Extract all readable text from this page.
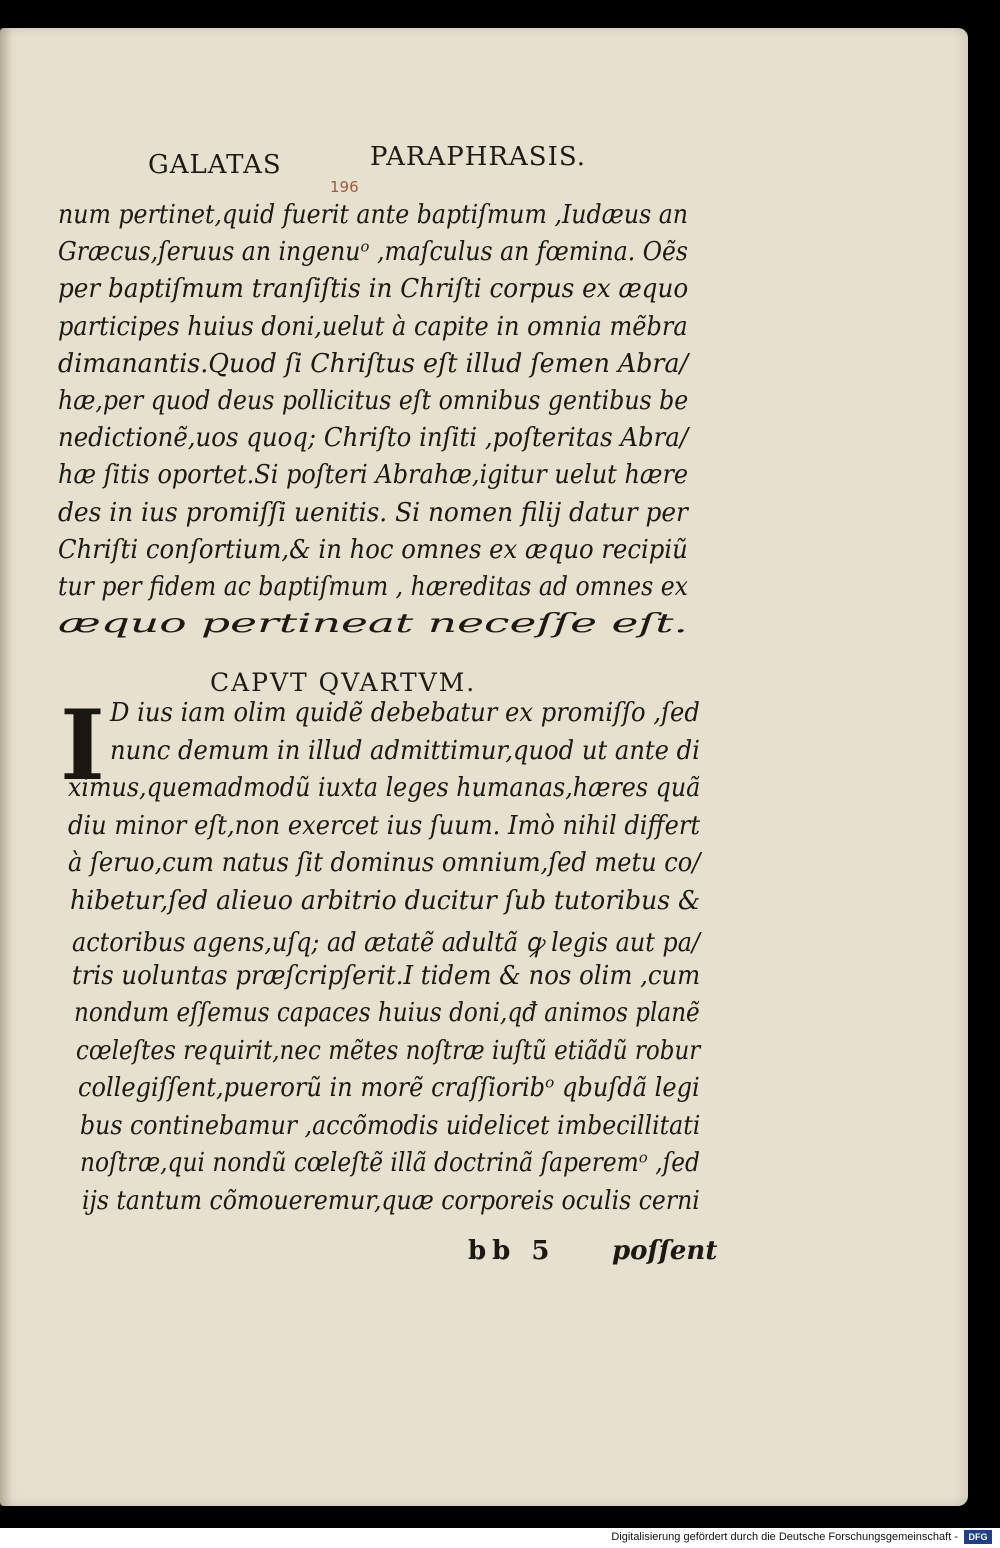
GALATAS	PARAPHRASIS.
196
num pertinet,quid fuerit ante baptiſmum ,Iudæus an
Græcus,ſeruus an ingenuᵒ ,maſculus an fœmina. Oẽs
per baptiſmum tranſiſtis in Chriſti corpus ex æquo
participes huius doni,uelut à capite in omnia mẽbra
dimanantis.Quod ſi Chriſtus eſt illud ſemen Abra/
hæ,per quod deus pollicitus eſt omnibus gentibus be
nedictionẽ,uos quoq; Chriſto inſiti ,poſteritas Abra/
hæ ſitis oportet.Si poſteri Abrahæ,igitur uelut hære
des in ius promiſſi uenitis. Si nomen filij datur per
Chriſti conſortium,& in hoc omnes ex æquo recipiũ
tur per fidem ac baptiſmum , hæreditas ad omnes ex
æquo pertineat neceſſe eſt.
CAPVT QVARTVM.
I D ius iam olim quidẽ debebatur ex promiſſo ,ſed
nunc demum in illud admittimur,quod ut ante di
ximus,quemadmodũ iuxta leges humanas,hæres quã
diu minor eſt,non exercet ius ſuum. Imò nihil differt
à ſeruo,cum natus ſit dominus omnium,ſed metu co/
hibetur,ſed alieuo arbitrio ducitur ſub tutoribus &
actoribus agens,uſq; ad ætatẽ adultã ꝙ legis aut pa/
tris uoluntas præſcripſerit.I tidem & nos olim ,cum
nondum eſſemus capaces huius doni,qđ animos planẽ
cœleſtes requirit,nec mẽtes noſtræ iuſtũ etiãdũ robur
collegiſſent,puerorũ in morẽ craſſioribᵒ qbuſdã legi
bus continebamur ,accõmodis uidelicet imbecillitati
noſtræ,qui nondũ cœleſtẽ illã doctrinã ſaperemᵒ ,ſed
ijs tantum cõmoueremur,quæ corporeis oculis cerni
bb 5 poſſent
Digitalisierung gefördert durch die Deutsche Forschungsgemeinschaft -	DFG
